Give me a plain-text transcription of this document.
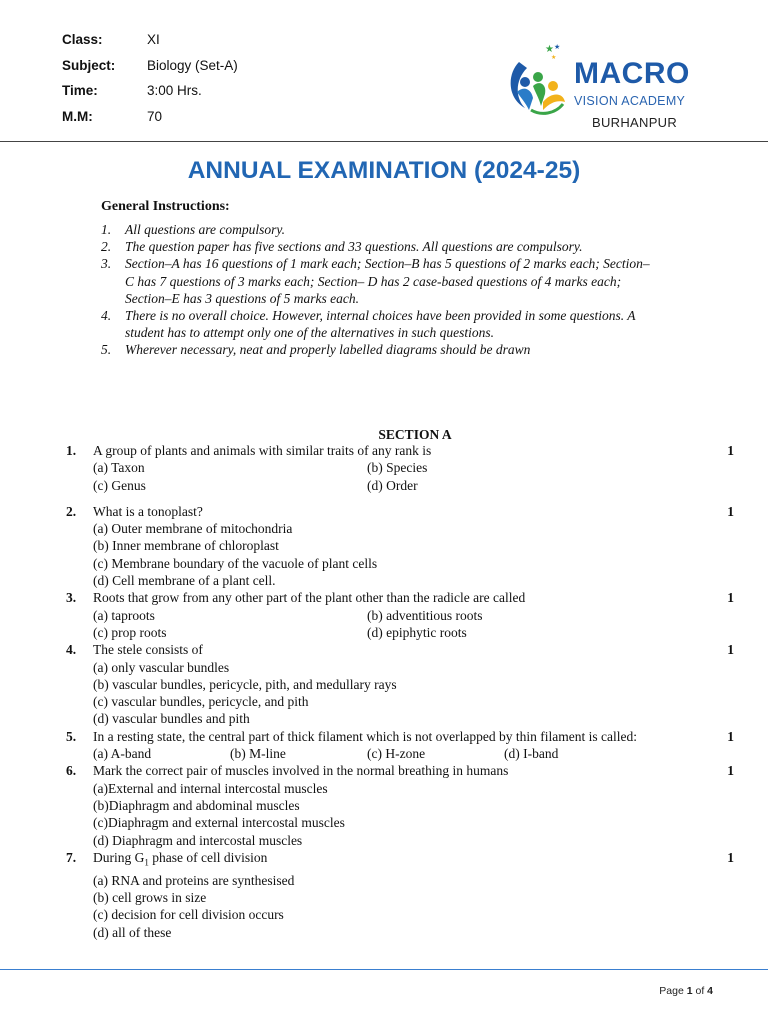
Class:	XI
Subject: Biology (Set-A)
Time:	3:00 Hrs.
M.M:	70
★ ★
★ MACRO
VISION ACADEMY
BURHANPUR
ANNUAL EXAMINATION (2024-25)
General Instructions:
1.	All questions are compulsory.
2.	The question paper has five sections and 33 questions. All questions are compulsory.
3.	Section–A has 16 questions of 1 mark each; Section–B has 5 questions of 2 marks each; Section– C has 7 questions of 3 marks each; Section– D has 2 case-based questions of 4 marks each; Section–E has 3 questions of 5 marks each.
4.	There is no overall choice. However, internal choices have been provided in some questions. A student has to attempt only one of the alternatives in such questions.
5.	Wherever necessary, neat and properly labelled diagrams should be drawn
SECTION A
1.	1
A group of plants and animals with similar traits of any rank is
(a) Taxon	(b) Species
(c) Genus	(d) Order
2.	1
What is a tonoplast?
(a) Outer membrane of mitochondria
(b) Inner membrane of chloroplast
(c) Membrane boundary of the vacuole of plant cells
(d) Cell membrane of a plant cell.
3.	1
Roots that grow from any other part of the plant other than the radicle are called
(a) taproots	(b) adventitious roots
(c) prop roots	(d) epiphytic roots
4.	1
The stele consists of
(a) only vascular bundles
(b) vascular bundles, pericycle, pith, and medullary rays
(c) vascular bundles, pericycle, and pith
(d) vascular bundles and pith
5.	1
In a resting state, the central part of thick filament which is not overlapped by thin filament is called:
(a) A-band	(b) M-line	(c) H-zone	(d) I-band
6.	1
Mark the correct pair of muscles involved in the normal breathing in humans
(a)External and internal intercostal muscles
(b)Diaphragm and abdominal muscles
(c)Diaphragm and external intercostal muscles
(d) Diaphragm and intercostal muscles
7.	1
During $G_1$ phase of cell division
(a) RNA and proteins are synthesised
(b) cell grows in size
(c) decision for cell division occurs
(d) all of these
Page 1 of 4
